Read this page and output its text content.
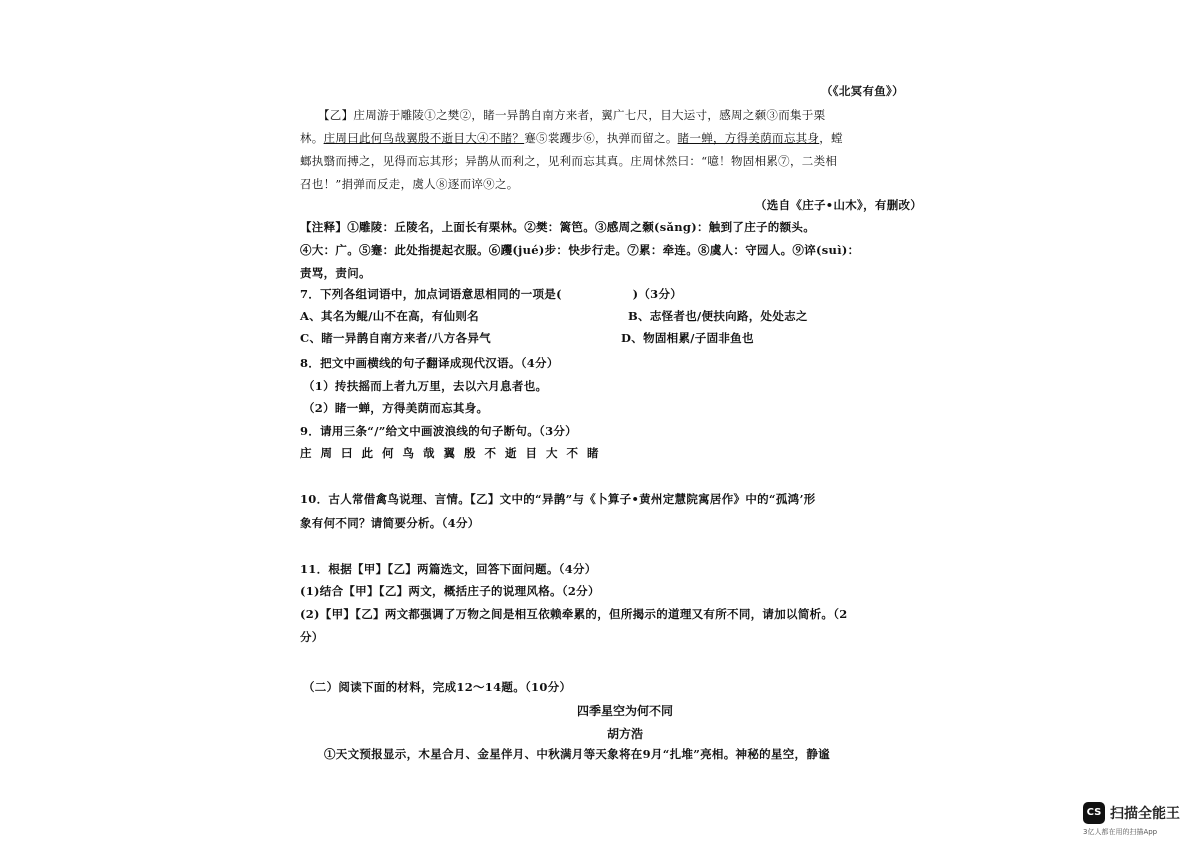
（《北冥有鱼》）
【乙】庄周游于雕陵①之樊②，睹一异鹊自南方来者，翼广七尺，目大运寸，感周之颡③而集于栗
林。庄周曰此何鸟哉翼殷不逝目大④不睹？蹇⑤裳躩步⑥，执弹而留之。睹一蝉，方得美荫而忘其身，螳
螂执翳而搏之，见得而忘其形；异鹊从而利之，见利而忘其真。庄周怵然曰：“噫！物固相累⑦，二类相
召也！”捐弹而反走，虞人⑧逐而谇⑨之。
（选自《庄子•山木》，有删改）
【注释】①雕陵：丘陵名，上面长有栗林。②樊：篱笆。③感周之颡(sǎng)：触到了庄子的额头。
④大：广。⑤蹇：此处指提起衣服。⑥躩(jué)步：快步行走。⑦累：牵连。⑧虞人：守园人。⑨谇(suì)：
责骂，责问。
7．下列各组词语中，加点词语意思相同的一项是(　　　　　　)（3分）
A、其名为鲲/山不在高，有仙则名	B、志怪者也/便扶向路，处处志之
C、睹一异鹊自南方来者/八方各异气	D、物固相累/子固非鱼也
8．把文中画横线的句子翻译成现代汉语。（4分）
（1）抟扶摇而上者九万里，去以六月息者也。
（2）睹一蝉，方得美荫而忘其身。
9．请用三条“/”给文中画波浪线的句子断句。（3分）
庄周曰此何鸟哉翼殷不逝目大不睹
10．古人常借禽鸟说理、言情。【乙】文中的“异鹊”与《卜算子•黄州定慧院寓居作》中的“孤鸿’形
象有何不同？请简要分析。（4分）
11．根据【甲】【乙】两篇选文，回答下面问题。（4分）
(1)结合【甲】【乙】两文，概括庄子的说理风格。（2分）
(2)【甲】【乙】两文都强调了万物之间是相互依赖牵累的，但所揭示的道理又有所不同，请加以简析。（2
分）
（二）阅读下面的材料，完成12～14题。（10分）
四季星空为何不同
胡方浩
①天文预报显示，木星合月、金星伴月、中秋满月等天象将在9月“扎堆”亮相。神秘的星空，静谧
CS 扫描全能王
3亿人都在用的扫描App
